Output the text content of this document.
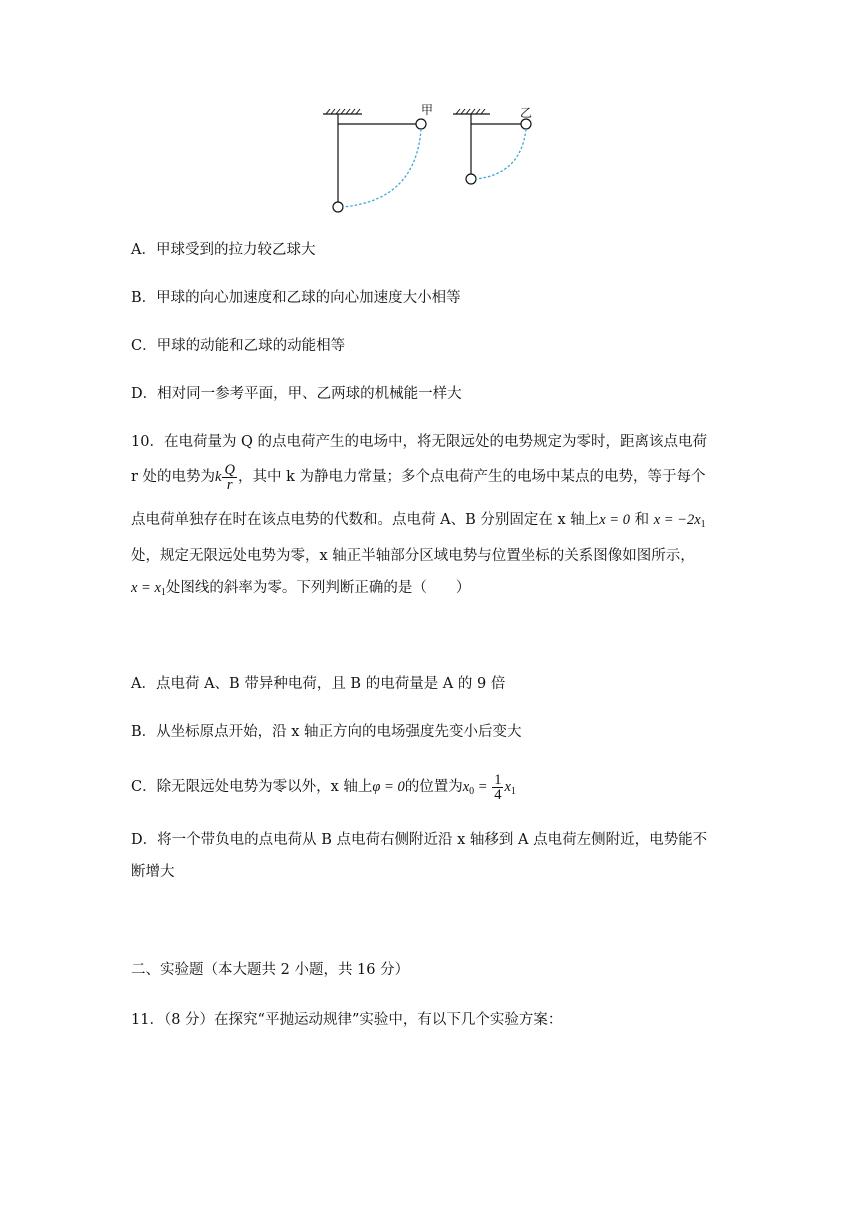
甲	乙
A．甲球受到的拉力较乙球大
B．甲球的向心加速度和乙球的向心加速度大小相等
C．甲球的动能和乙球的动能相等
D．相对同一参考平面，甲、乙两球的机械能一样大
10．在电荷量为 Q 的点电荷产生的电场中，将无限远处的电势规定为零时，距离该点电荷
r 处的电势为k $\frac{Q}{r}$ ，其中 k 为静电力常量；多个点电荷产生的电场中某点的电势，等于每个
点电荷单独存在时在该点电势的代数和。点电荷 A、B 分别固定在 x 轴上x = 0 和 $x = -2x_1$
处，规定无限远处电势为零，x 轴正半轴部分区域电势与位置坐标的关系图像如图所示，
$x = x_1$处图线的斜率为零。下列判断正确的是（　　）
A．点电荷 A、B 带异种电荷，且 B 的电荷量是 A 的 9 倍
B．从坐标原点开始，沿 x 轴正方向的电场强度先变小后变大
C．除无限远处电势为零以外，x 轴上φ = 0的位置为$x_0 = \frac{1}{4} x_1$
D．将一个带负电的点电荷从 B 点电荷右侧附近沿 x 轴移到 A 点电荷左侧附近，电势能不
断增大
二、实验题（本大题共 2 小题，共 16 分）
11．（8 分）在探究“平抛运动规律”实验中，有以下几个实验方案：
